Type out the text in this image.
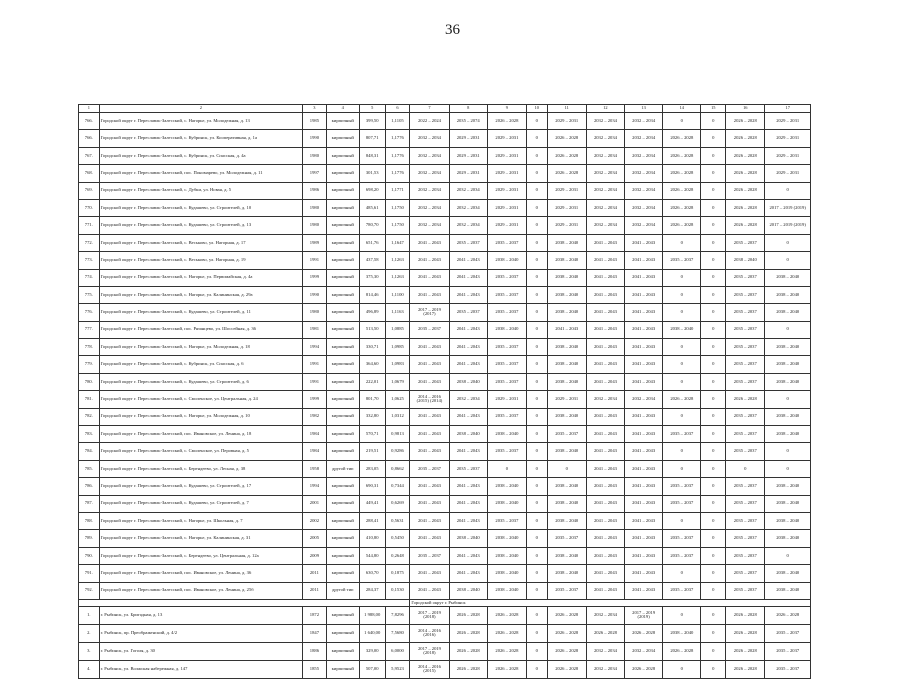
36
1	2	3	4	5	6	7	8	9	10	11	12	13	14	15	16	17
766.	Городской округ г. Переславль-Залесский, с. Нагорье, ул. Молодежная, д. 13	1985	кирпичный	399,50	1,1105	2022 – 2024	2035 – 2074	2026 – 2028	0	2029 – 2031	2032 – 2034	2032 – 2034	0	0	2026 – 2028	2029 – 2031
766.	Городской округ г. Переславль-Залесский, с. Кубринск, ул. Кооперативная, д. 1а	1990	кирпичный	807,71	1,1776	2032 – 2034	2029 – 2031	2029 – 2031	0	2026 – 2028	2032 – 2034	2032 – 2034	2026 – 2028	0	2026 – 2028	2029 – 2031
767.	Городской округ г. Переславль-Залесский, с. Кубринск, ул. Спасская, д. 4а	1980	кирпичный	848,31	1,1776	2032 – 2034	2029 – 2031	2029 – 2031	0	2026 – 2028	2032 – 2034	2032 – 2034	2026 – 2028	0	2026 – 2028	2029 – 2031
768.	Городской округ г. Переславль-Залесский, пос. Пономарево, ул. Молодежная, д. 11	1997	кирпичный	301,53	1,1776	2032 – 2034	2029 – 2031	2029 – 2031	0	2026 – 2028	2032 – 2034	2032 – 2034	2026 – 2028	0	2026 – 2028	2029 – 2031
769.	Городской округ г. Переславль-Залесский, с. Дубки, ул. Новая, д. 5	1986	кирпичный	698,20	1,1771	2032 – 2034	2032 – 2034	2029 – 2031	0	2029 – 2031	2032 – 2034	2032 – 2034	2026 – 2028	0	2026 – 2028	0
770.	Городской округ г. Переславль-Залесский, с. Кудашево, ул. Строителей, д. 10	1980	кирпичный	485,61	1,1750	2032 – 2034	2032 – 2034	2029 – 2031	0	2029 – 2031	2032 – 2034	2032 – 2034	2026 – 2028	0	2026 – 2028	2017 – 2019 (2019)
771.	Городской округ г. Переславль-Залесский, с. Кудашево, ул. Строителей, д. 13	1980	кирпичный	780,70	1,1750	2032 – 2034	2032 – 2034	2029 – 2031	0	2029 – 2031	2032 – 2034	2032 – 2034	2026 – 2028	0	2026 – 2028	2017 – 2019 (2019)
772.	Городской округ г. Переславль-Залесский, с. Веськово, ул. Нагорная, д. 17	1989	кирпичный	651,76	1,1647	2041 – 2043	2035 – 2037	2035 – 2037	0	2038 – 2040	2041 – 2043	2041 – 2043	0	0	2035 – 2037	0
773.	Городской округ г. Переславль-Залесский, с. Веськово, ул. Нагорная, д. 19	1991	кирпичный	437,58	1,1263	2041 – 2043	2041 – 2043	2038 – 2040	0	2038 – 2040	2041 – 2043	2041 – 2043	2035 – 2037	0	2038 – 2040	0
774.	Городской округ г. Переславль-Залесский, с. Нагорье, ул. Первомайская, д. 4а	1999	кирпичный	375,30	1,1263	2041 – 2043	2041 – 2043	2035 – 2037	0	2038 – 2040	2041 – 2043	2041 – 2043	0	0	2035 – 2037	2038 – 2040
775.	Городской округ г. Переславль-Залесский, с. Нагорье, ул. Калининская, д. 29а	1990	кирпичный	814,46	1,1100	2041 – 2043	2041 – 2043	2035 – 2037	0	2038 – 2040	2041 – 2043	2041 – 2043	0	0	2035 – 2037	2038 – 2040
776.	Городской округ г. Переславль-Залесский, с. Кудашево, ул. Строителей, д. 11	1980	кирпичный	496,89	1,1163	2017 – 2019 (2017)	2035 – 2037	2035 – 2037	0	2038 – 2040	2041 – 2043	2041 – 2043	0	0	2035 – 2037	2038 – 2040
777.	Городской округ г. Переславль-Залесский, пос. Рязанцево, ул. Шоссейная, д. 36	1981	кирпичный	513,50	1,0885	2035 – 2037	2041 – 2043	2038 – 2040	0	2041 – 2043	2041 – 2043	2041 – 2043	2038 – 2040	0	2035 – 2037	0
778.	Городской округ г. Переславль-Залесский, с. Нагорье, ул. Молодежная, д. 18	1994	кирпичный	330,71	1,0985	2041 – 2043	2041 – 2043	2035 – 2037	0	2038 – 2040	2041 – 2043	2041 – 2043	0	0	2035 – 2037	2038 – 2040
779.	Городской округ г. Переславль-Залесский, с. Кубринск, ул. Спасская, д. 6	1991	кирпичный	364,60	1,0983	2041 – 2043	2041 – 2043	2035 – 2037	0	2038 – 2040	2041 – 2043	2041 – 2043	0	0	2035 – 2037	2038 – 2040
780.	Городской округ г. Переславль-Залесский, с. Кудашево, ул. Строителей, д. 6	1991	кирпичный	222,01	1,0679	2041 – 2043	2038 – 2040	2035 – 2037	0	2038 – 2040	2041 – 2043	2041 – 2043	0	0	2035 – 2037	2038 – 2040
781.	Городской округ г. Переславль-Залесский, с. Смоленское, ул. Центральная, д. 24	1999	кирпичный	801,70	1,0625	2014 – 2016 (2015) (2014)	2032 – 2034	2029 – 2031	0	2029 – 2031	2032 – 2034	2032 – 2034	2026 – 2028	0	2026 – 2028	0
782.	Городской округ г. Переславль-Залесский, с. Нагорье, ул. Молодежная, д. 10	1982	кирпичный	332,80	1,0312	2041 – 2043	2041 – 2043	2035 – 2037	0	2038 – 2040	2041 – 2043	2041 – 2043	0	0	2035 – 2037	2038 – 2040
783.	Городской округ г. Переславль-Залесский, пос. Ивановское, ул. Ленина, д. 18	1984	кирпичный	570,71	0,9813	2041 – 2043	2038 – 2040	2038 – 2040	0	2035 – 2037	2041 – 2043	2041 – 2043	2035 – 2037	0	2035 – 2037	2038 – 2040
784.	Городской округ г. Переславль-Залесский, с. Смоленское, ул. Перовная, д. 5	1984	кирпичный	219,51	0,9286	2041 – 2043	2041 – 2043	2035 – 2037	0	2038 – 2040	2041 – 2043	2041 – 2043	0	0	2035 – 2037	0
785.	Городской округ г. Переславль-Залесский, с. Берендеево, ул. Лесная, д. 38	1958	другой тип	283,05	0,8662	2035 – 2037	2035 – 2037	0	0	0	2041 – 2043	2041 – 2043	0	0	0	0
786.	Городской округ г. Переславль-Залесский, с. Кудашево, ул. Строителей, д. 17	1994	кирпичный	690,31	0,7344	2041 – 2043	2041 – 2043	2038 – 2040	0	2038 – 2040	2041 – 2043	2041 – 2043	2035 – 2037	0	2035 – 2037	2038 – 2040
787.	Городской округ г. Переславль-Залесский, с. Кудашево, ул. Строителей, д. 7	2001	кирпичный	449,41	0,6269	2041 – 2043	2041 – 2043	2038 – 2040	0	2038 – 2040	2041 – 2043	2041 – 2043	2035 – 2037	0	2035 – 2037	2038 – 2040
788.	Городской округ г. Переславль-Залесский, с. Нагорье, ул. Школьная, д. 7	2002	кирпичный	288,41	0,5631	2041 – 2043	2041 – 2043	2035 – 2037	0	2038 – 2040	2041 – 2043	2041 – 2043	0	0	2035 – 2037	2038 – 2040
789.	Городской округ г. Переславль-Залесский, с. Нагорье, ул. Калининская, д. 31	2005	кирпичный	410,80	0,5450	2041 – 2043	2038 – 2040	2038 – 2040	0	2035 – 2037	2041 – 2043	2041 – 2043	2035 – 2037	0	2035 – 2037	2038 – 2040
790.	Городской округ г. Переславль-Залесский, с. Берендеево, ул. Центральная, д. 12а	2009	кирпичный	544,80	0,2648	2035 – 2037	2041 – 2043	2038 – 2040	0	2038 – 2040	2041 – 2043	2041 – 2043	2035 – 2037	0	2035 – 2037	0
791.	Городской округ г. Переславль-Залесский, пос. Ивановское, ул. Ленина, д. 36	2011	кирпичный	630,70	0,1875	2041 – 2043	2041 – 2043	2038 – 2040	0	2038 – 2040	2041 – 2043	2041 – 2043	0	0	2035 – 2037	2038 – 2040
792.	Городской округ г. Переславль-Залесский, пос. Ивановское, ул. Ленина, д. 25б	2011	другой тип	284,37	0,1530	2041 – 2043	2038 – 2040	2038 – 2040	0	2035 – 2037	2041 – 2043	2041 – 2043	2035 – 2037	0	2035 – 2037	2038 – 2040
						Городской округ г. Рыбинск										
1.	г. Рыбинск, ул. Бригадная, д. 13	1872	кирпичный	1 988,00	7,8296	2017 – 2019 (2018)	2026 – 2028	2026 – 2028	0	2026 – 2028	2032 – 2034	2017 – 2019 (2019)	0	0	2026 – 2028	2026 – 2028
2.	г. Рыбинск, пр. Преображенский, д. 4/2	1847	кирпичный	1 640,00	7,5680	2014 – 2016 (2016)	2026 – 2028	2026 – 2028	0	2026 – 2028	2026 – 2028	2026 – 2028	2038 – 2040	0	2026 – 2028	2035 – 2037
3.	г. Рыбинск, ул. Гоголя, д. 30	1886	кирпичный	329,00	6,0000	2017 – 2019 (2018)	2026 – 2028	2026 – 2028	0	2026 – 2028	2032 – 2034	2032 – 2034	2026 – 2028	0	2026 – 2028	2035 – 2037
4.	г. Рыбинск, ул. Волжская набережная, д. 147	1855	кирпичный	507,00	5,9523	2014 – 2016 (2015)	2026 – 2028	2026 – 2028	0	2026 – 2028	2032 – 2034	2026 – 2028	0	0	2026 – 2028	2035 – 2037
